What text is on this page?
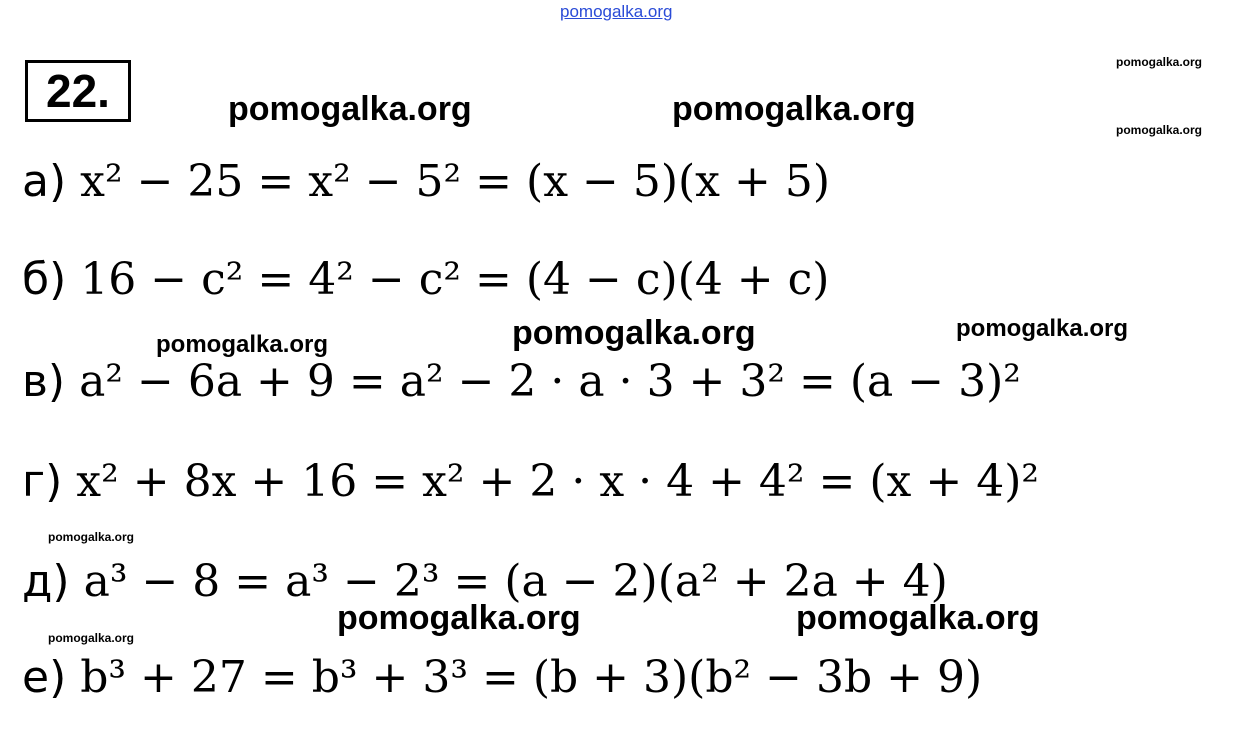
pomogalka.org
pomogalka.org
pomogalka.org
pomogalka.org	pomogalka.org
pomogalka.org	pomogalka.org	pomogalka.org
pomogalka.org
pomogalka.org
pomogalka.org	pomogalka.org
22.
а) x² − 25 = x² − 5² = (x − 5)(x + 5)
б) 16 − c² = 4² − c² = (4 − c)(4 + c)
в) a² − 6a + 9 = a² − 2 · a · 3 + 3² = (a − 3)²
г) x² + 8x + 16 = x² + 2 · x · 4 + 4² = (x + 4)²
д) a³ − 8 = a³ − 2³ = (a − 2)(a² + 2a + 4)
е) b³ + 27 = b³ + 3³ = (b + 3)(b² − 3b + 9)
